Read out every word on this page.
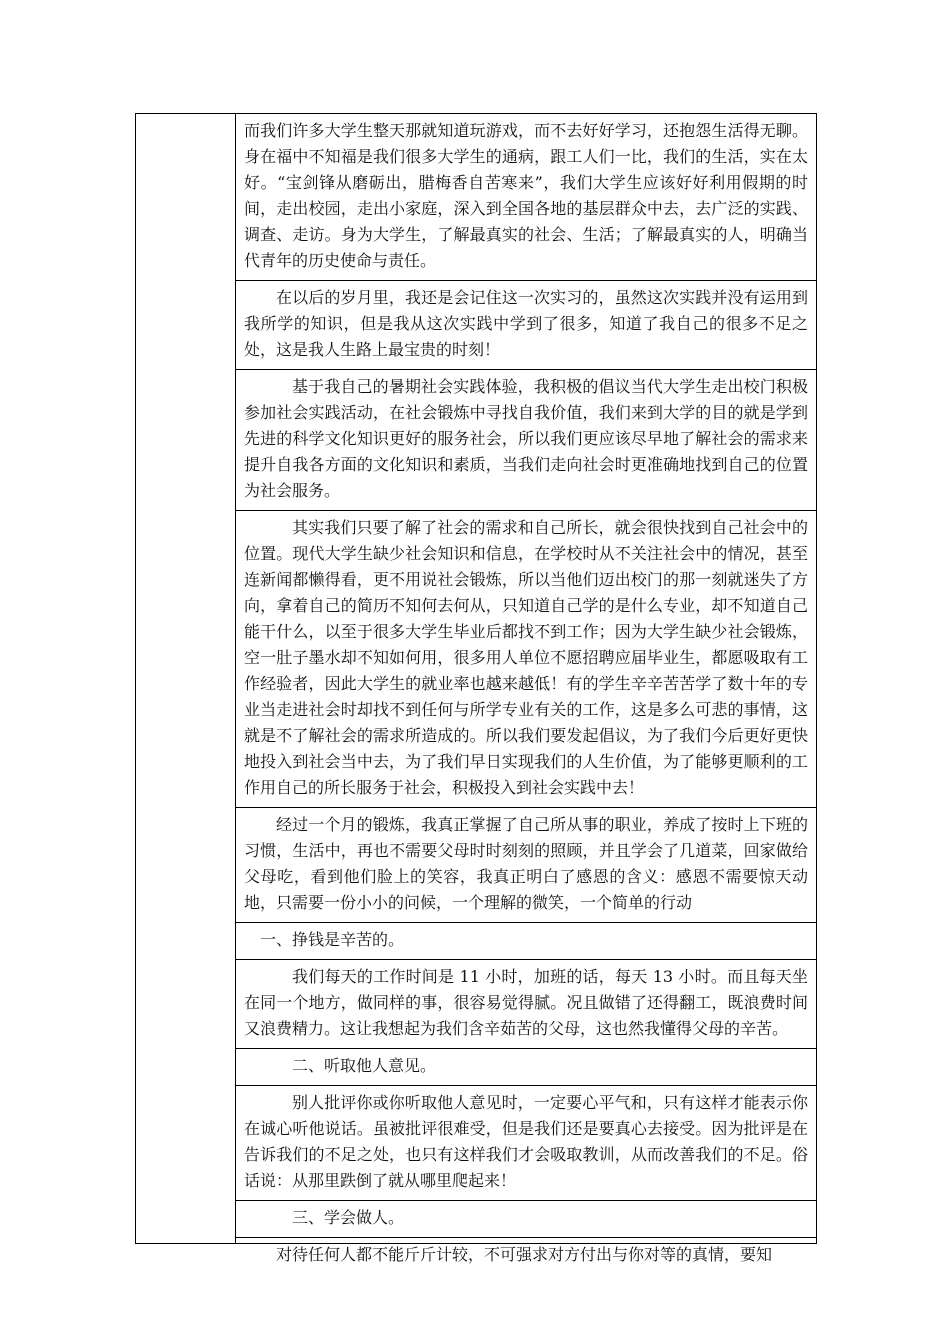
而我们许多大学生整天那就知道玩游戏，而不去好好学习，还抱怨生活得无聊。身在福中不知福是我们很多大学生的通病，跟工人们一比，我们的生活，实在太好。“宝剑锋从磨砺出，腊梅香自苦寒来”，我们大学生应该好好利用假期的时间，走出校园，走出小家庭，深入到全国各地的基层群众中去，去广泛的实践、调查、走访。身为大学生，了解最真实的社会、生活；了解最真实的人，明确当代青年的历史使命与责任。

在以后的岁月里，我还是会记住这一次实习的，虽然这次实践并没有运用到我所学的知识，但是我从这次实践中学到了很多，知道了我自己的很多不足之处，这是我人生路上最宝贵的时刻！

基于我自己的暑期社会实践体验，我积极的倡议当代大学生走出校门积极参加社会实践活动，在社会锻炼中寻找自我价值，我们来到大学的目的就是学到先进的科学文化知识更好的服务社会，所以我们更应该尽早地了解社会的需求来提升自我各方面的文化知识和素质，当我们走向社会时更准确地找到自己的位置为社会服务。

其实我们只要了解了社会的需求和自己所长，就会很快找到自己社会中的位置。现代大学生缺少社会知识和信息，在学校时从不关注社会中的情况，甚至连新闻都懒得看，更不用说社会锻炼，所以当他们迈出校门的那一刻就迷失了方向，拿着自己的简历不知何去何从，只知道自己学的是什么专业，却不知道自己能干什么，以至于很多大学生毕业后都找不到工作；因为大学生缺少社会锻炼，空一肚子墨水却不知如何用，很多用人单位不愿招聘应届毕业生，都愿吸取有工作经验者，因此大学生的就业率也越来越低！有的学生辛辛苦苦学了数十年的专业当走进社会时却找不到任何与所学专业有关的工作，这是多么可悲的事情，这就是不了解社会的需求所造成的。所以我们要发起倡议，为了我们今后更好更快地投入到社会当中去，为了我们早日实现我们的人生价值，为了能够更顺利的工作用自己的所长服务于社会，积极投入到社会实践中去！

经过一个月的锻炼，我真正掌握了自己所从事的职业，养成了按时上下班的习惯，生活中，再也不需要父母时时刻刻的照顾，并且学会了几道菜，回家做给父母吃，看到他们脸上的笑容，我真正明白了感恩的含义：感恩不需要惊天动地，只需要一份小小的问候，一个理解的微笑，一个简单的行动

一、挣钱是辛苦的。

我们每天的工作时间是 11 小时，加班的话，每天 13 小时。而且每天坐在同一个地方，做同样的事，很容易觉得腻。况且做错了还得翻工，既浪费时间又浪费精力。这让我想起为我们含辛茹苦的父母，这也然我懂得父母的辛苦。

二、听取他人意见。

别人批评你或你听取他人意见时，一定要心平气和，只有这样才能表示你在诚心听他说话。虽被批评很难受，但是我们还是要真心去接受。因为批评是在告诉我们的不足之处，也只有这样我们才会吸取教训，从而改善我们的不足。俗话说：从那里跌倒了就从哪里爬起来！

三、学会做人。

对待任何人都不能斤斤计较，不可强求对方付出与你对等的真情，要知
